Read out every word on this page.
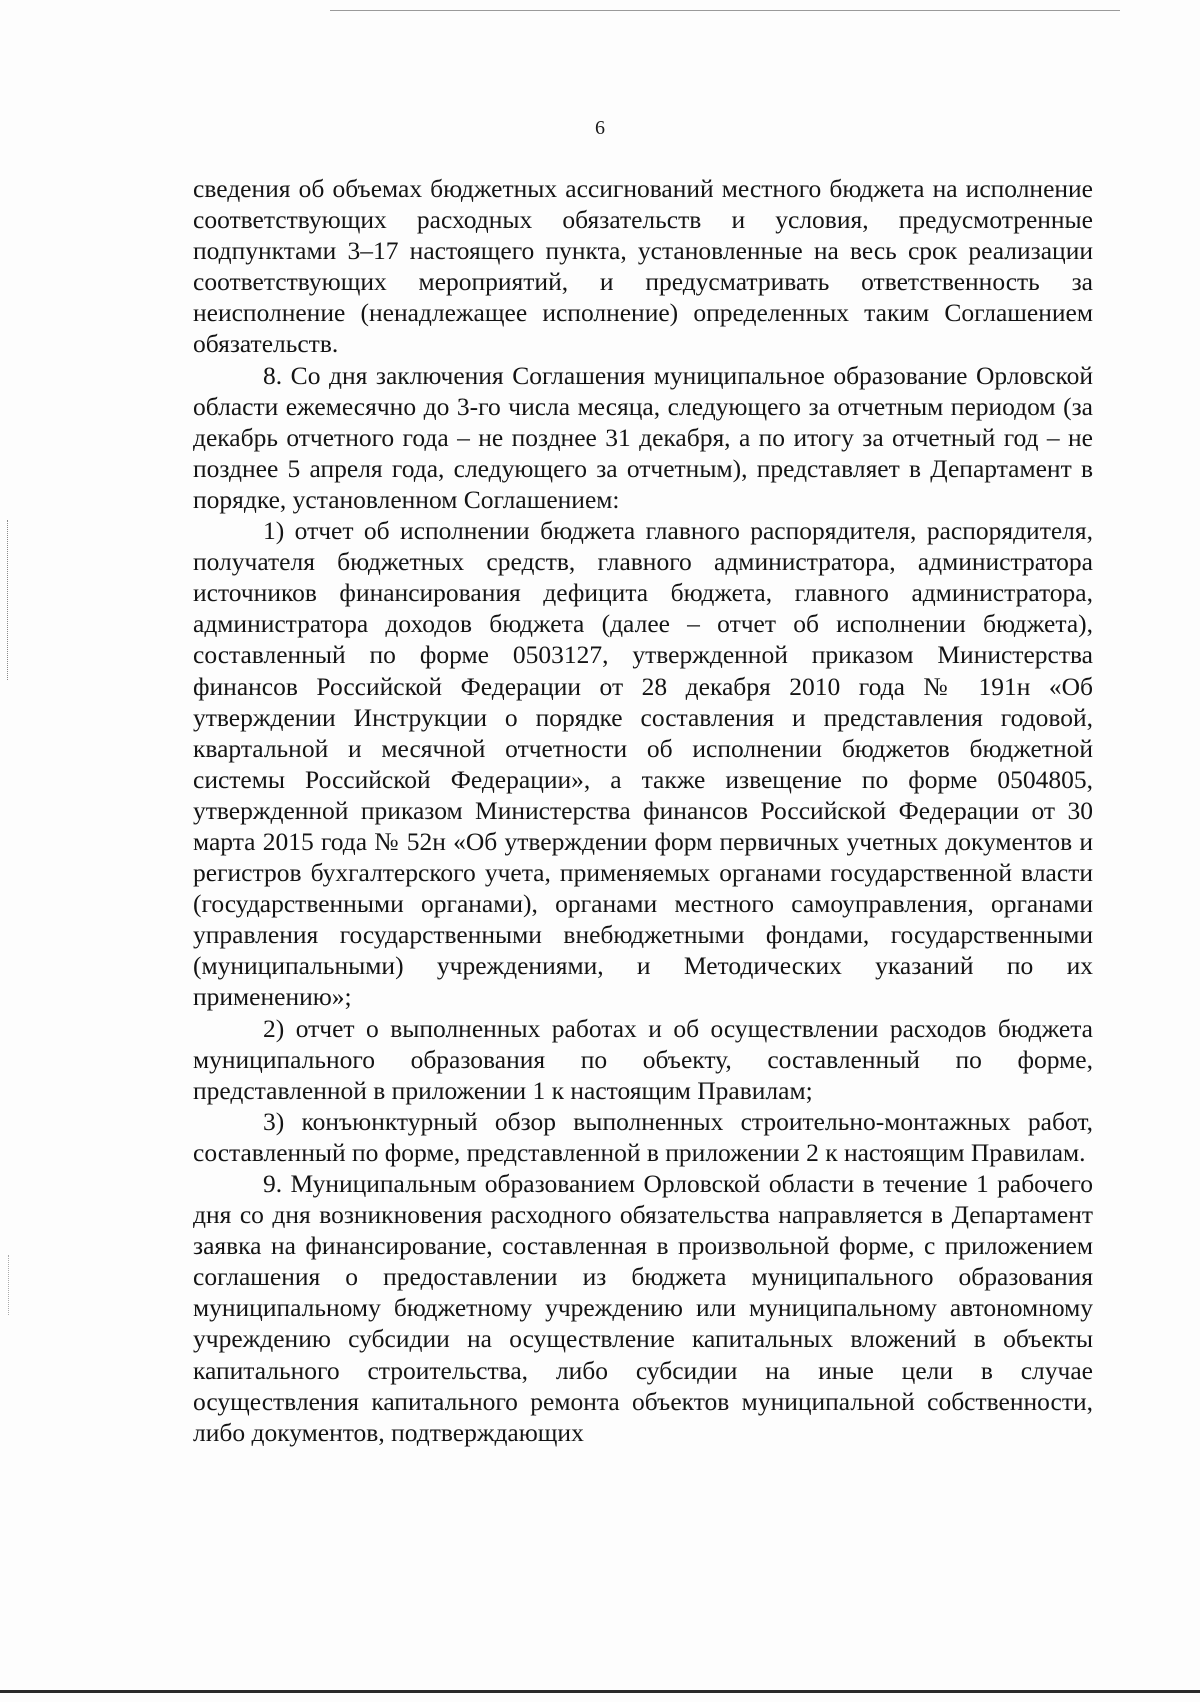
6

сведения об объемах бюджетных ассигнований местного бюджета на исполнение соответствующих расходных обязательств и условия, предусмотренные подпунктами 3–17 настоящего пункта, установленные на весь срок реализации соответствующих мероприятий, и предусматривать ответственность за неисполнение (ненадлежащее исполнение) определенных таким Соглашением обязательств.

8. Со дня заключения Соглашения муниципальное образование Орловской области ежемесячно до 3-го числа месяца, следующего за отчетным периодом (за декабрь отчетного года – не позднее 31 декабря, а по итогу за отчетный год – не позднее 5 апреля года, следующего за отчетным), представляет в Департамент в порядке, установленном Соглашением:

1) отчет об исполнении бюджета главного распорядителя, распорядителя, получателя бюджетных средств, главного администратора, администратора источников финансирования дефицита бюджета, главного администратора, администратора доходов бюджета (далее – отчет об исполнении бюджета), составленный по форме 0503127, утвержденной приказом Министерства финансов Российской Федерации от 28 декабря 2010 года № 191н «Об утверждении Инструкции о порядке составления и представления годовой, квартальной и месячной отчетности об исполнении бюджетов бюджетной системы Российской Федерации», а также извещение по форме 0504805, утвержденной приказом Министерства финансов Российской Федерации от 30 марта 2015 года № 52н «Об утверждении форм первичных учетных документов и регистров бухгалтерского учета, применяемых органами государственной власти (государственными органами), органами местного самоуправления, органами управления государственными внебюджетными фондами, государственными (муниципальными) учреждениями, и Методических указаний по их применению»;

2) отчет о выполненных работах и об осуществлении расходов бюджета муниципального образования по объекту, составленный по форме, представленной в приложении 1 к настоящим Правилам;

3) конъюнктурный обзор выполненных строительно-монтажных работ, составленный по форме, представленной в приложении 2 к настоящим Правилам.

9. Муниципальным образованием Орловской области в течение 1 рабочего дня со дня возникновения расходного обязательства направляется в Департамент заявка на финансирование, составленная в произвольной форме, с приложением соглашения о предоставлении из бюджета муниципального образования муниципальному бюджетному учреждению или муниципальному автономному учреждению субсидии на осуществление капитальных вложений в объекты капитального строительства, либо субсидии на иные цели в случае осуществления капитального ремонта объектов муниципальной собственности, либо документов, подтверждающих
